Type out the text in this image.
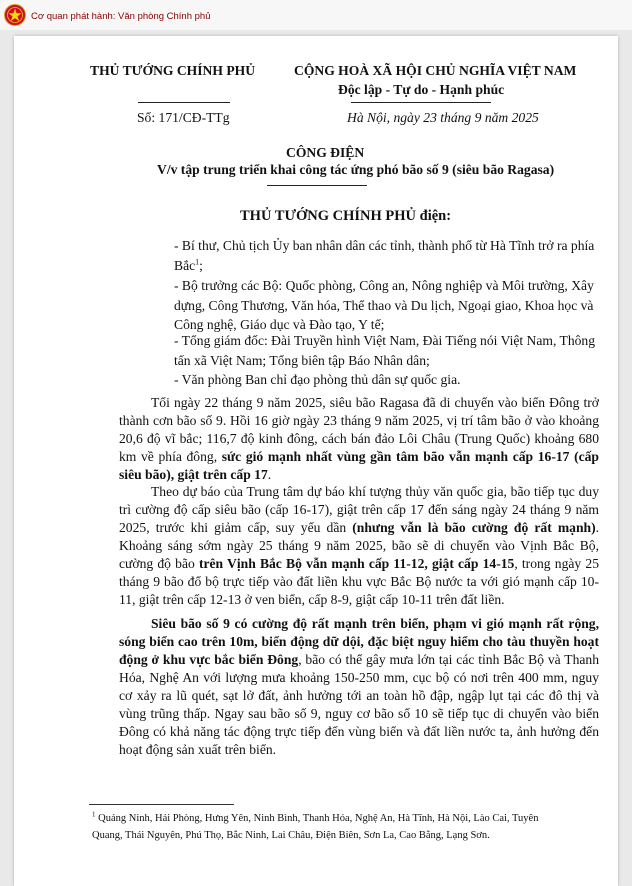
Cơ quan phát hành: Văn phòng Chính phủ
THỦ TƯỚNG CHÍNH PHỦ	CỘNG HOÀ XÃ HỘI CHỦ NGHĨA VIỆT NAM
Độc lập - Tự do - Hạnh phúc
Số: 171/CĐ-TTg	Hà Nội, ngày 23 tháng 9 năm 2025
CÔNG ĐIỆN
V/v tập trung triển khai công tác ứng phó bão số 9 (siêu bão Ragasa)
THỦ TƯỚNG CHÍNH PHỦ điện:
- Bí thư, Chủ tịch Ủy ban nhân dân các tỉnh, thành phố từ Hà Tĩnh trở ra phía Bắc$^1$;
- Bộ trưởng các Bộ: Quốc phòng, Công an, Nông nghiệp và Môi trường, Xây dựng, Công Thương, Văn hóa, Thể thao và Du lịch, Ngoại giao, Khoa học và Công nghệ, Giáo dục và Đào tạo, Y tế;
- Tổng giám đốc: Đài Truyền hình Việt Nam, Đài Tiếng nói Việt Nam, Thông tấn xã Việt Nam; Tổng biên tập Báo Nhân dân;
- Văn phòng Ban chỉ đạo phòng thủ dân sự quốc gia.
Tối ngày 22 tháng 9 năm 2025, siêu bão Ragasa đã di chuyển vào biển Đông trở thành cơn bão số 9. Hồi 16 giờ ngày 23 tháng 9 năm 2025, vị trí tâm bão ở vào khoảng 20,6 độ vĩ bắc; 116,7 độ kinh đông, cách bán đảo Lôi Châu (Trung Quốc) khoảng 680 km về phía đông, sức gió mạnh nhất vùng gần tâm bão vẫn mạnh cấp 16-17 (cấp siêu bão), giật trên cấp 17.
Theo dự báo của Trung tâm dự báo khí tượng thủy văn quốc gia, bão tiếp tục duy trì cường độ cấp siêu bão (cấp 16-17), giật trên cấp 17 đến sáng ngày 24 tháng 9 năm 2025, trước khi giảm cấp, suy yếu dần (nhưng vẫn là bão cường độ rất mạnh). Khoảng sáng sớm ngày 25 tháng 9 năm 2025, bão sẽ di chuyển vào Vịnh Bắc Bộ, cường độ bão trên Vịnh Bắc Bộ vẫn mạnh cấp 11-12, giật cấp 14-15, trong ngày 25 tháng 9 bão đổ bộ trực tiếp vào đất liền khu vực Bắc Bộ nước ta với gió mạnh cấp 10-11, giật trên cấp 12-13 ở ven biển, cấp 8-9, giật cấp 10-11 trên đất liền.
Siêu bão số 9 có cường độ rất mạnh trên biển, phạm vi gió mạnh rất rộng, sóng biển cao trên 10m, biển động dữ dội, đặc biệt nguy hiểm cho tàu thuyền hoạt động ở khu vực bắc biển Đông, bão có thể gây mưa lớn tại các tỉnh Bắc Bộ và Thanh Hóa, Nghệ An với lượng mưa khoảng 150-250 mm, cục bộ có nơi trên 400 mm, nguy cơ xảy ra lũ quét, sạt lở đất, ảnh hưởng tới an toàn hồ đập, ngập lụt tại các đô thị và vùng trũng thấp. Ngay sau bão số 9, nguy cơ bão số 10 sẽ tiếp tục di chuyển vào biển Đông có khả năng tác động trực tiếp đến vùng biển và đất liền nước ta, ảnh hưởng đến hoạt động sản xuất trên biển.
$^1$ Quảng Ninh, Hải Phòng, Hưng Yên, Ninh Bình, Thanh Hóa, Nghệ An, Hà Tĩnh, Hà Nội, Lào Cai, Tuyên Quang, Thái Nguyên, Phú Thọ, Bắc Ninh, Lai Châu, Điện Biên, Sơn La, Cao Bằng, Lạng Sơn.
